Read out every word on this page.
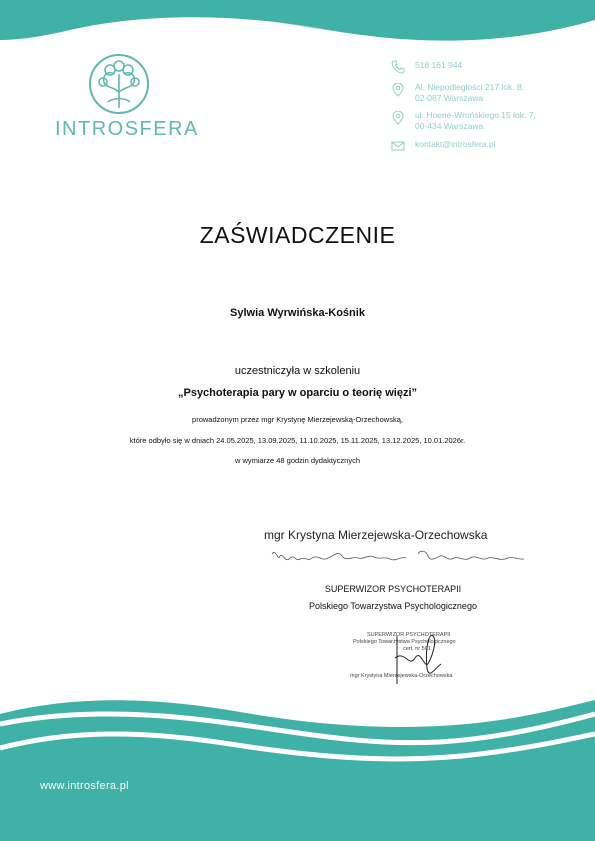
INTROSFERA
518 161 944
Al. Niepodległości 217 lok. 8,
02-087 Warszawa
ul. Hoene-Wrońskiego 15 lok. 7,
00-434 Warszawa
kontakt@introsfera.pl
ZAŚWIADCZENIE
Sylwia Wyrwińska-Kośnik
uczestniczyła w szkoleniu
„Psychoterapia pary w oparciu o teorię więzi”
prowadzonym przez mgr Krystynę Mierzejewską-Orzechowską,
które odbyło się w dniach 24.05.2025, 13.09.2025, 11.10.2025, 15.11.2025, 13.12.2025, 10.01.2026r.
w wymiarze 48 godzin dydaktycznych
mgr Krystyna Mierzejewska-Orzechowska
SUPERWIZOR PSYCHOTERAPII
Polskiego Towarzystwa Psychologicznego
SUPERWIZOR PSYCHOTERAPII
Polskiego Towarzystwa Psychologicznego
cert. nr 501
mgr Krystyna Mierzejewska-Orzechowska
www.introsfera.pl
